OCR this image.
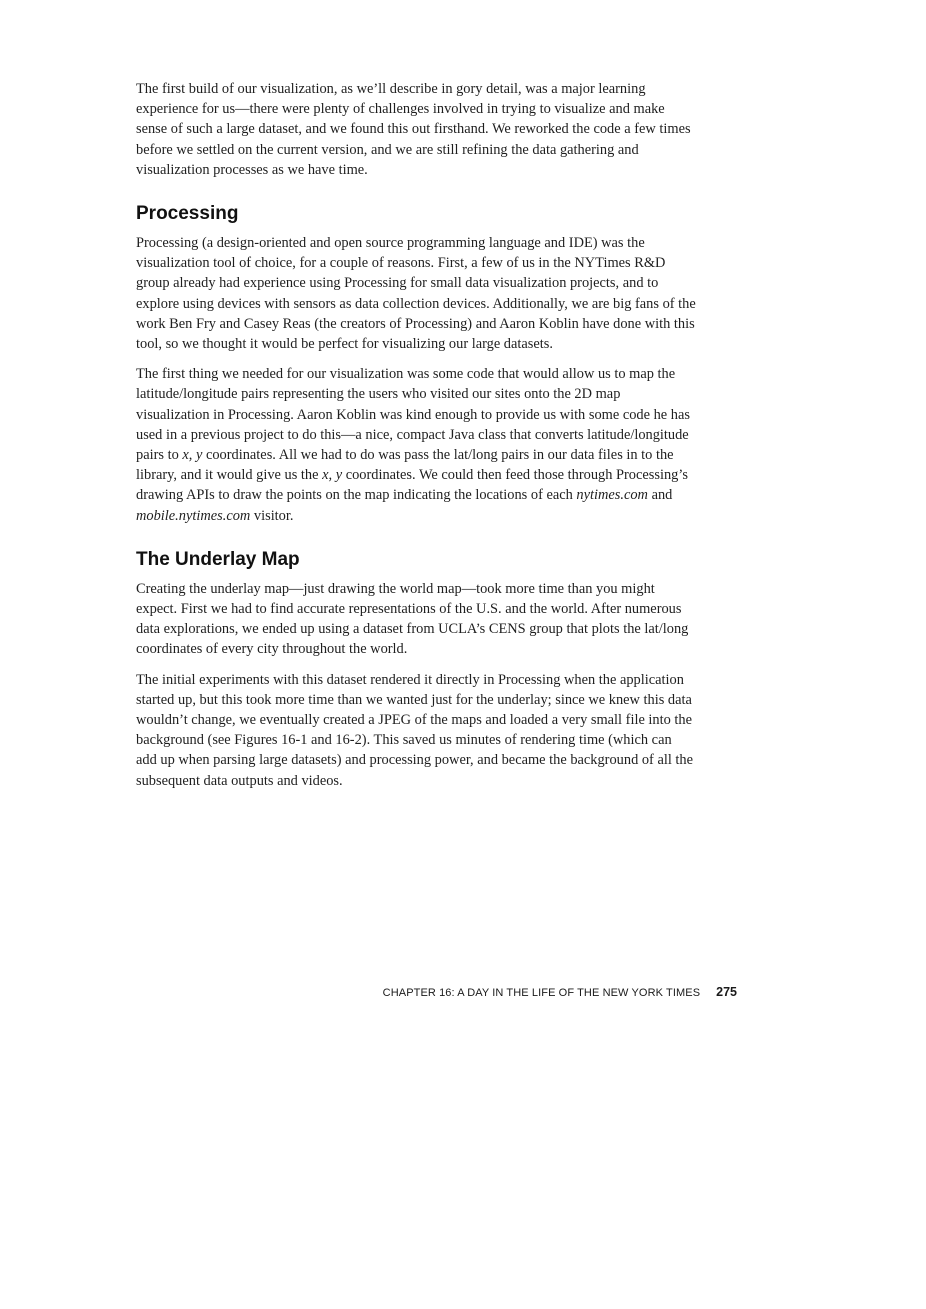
The first build of our visualization, as we’ll describe in gory detail, was a major learning experience for us—there were plenty of challenges involved in trying to visualize and make sense of such a large dataset, and we found this out firsthand. We reworked the code a few times before we settled on the current version, and we are still refining the data gathering and visualization processes as we have time.

Processing

Processing (a design-oriented and open source programming language and IDE) was the visualization tool of choice, for a couple of reasons. First, a few of us in the NYTimes R&D group already had experience using Processing for small data visualization projects, and to explore using devices with sensors as data collection devices. Additionally, we are big fans of the work Ben Fry and Casey Reas (the creators of Processing) and Aaron Koblin have done with this tool, so we thought it would be perfect for visualizing our large datasets.

The first thing we needed for our visualization was some code that would allow us to map the latitude/longitude pairs representing the users who visited our sites onto the 2D map visualization in Processing. Aaron Koblin was kind enough to provide us with some code he has used in a previous project to do this—a nice, compact Java class that converts latitude/longitude pairs to x, y coordinates. All we had to do was pass the lat/long pairs in our data files in to the library, and it would give us the x, y coordinates. We could then feed those through Processing’s drawing APIs to draw the points on the map indicating the locations of each nytimes.com and mobile.nytimes.com visitor.

The Underlay Map

Creating the underlay map—just drawing the world map—took more time than you might expect. First we had to find accurate representations of the U.S. and the world. After numerous data explorations, we ended up using a dataset from UCLA’s CENS group that plots the lat/long coordinates of every city throughout the world.

The initial experiments with this dataset rendered it directly in Processing when the application started up, but this took more time than we wanted just for the underlay; since we knew this data wouldn’t change, we eventually created a JPEG of the maps and loaded a very small file into the background (see Figures 16-1 and 16-2). This saved us minutes of rendering time (which can add up when parsing large datasets) and processing power, and became the background of all the subsequent data outputs and videos.

CHAPTER 16: A DAY IN THE LIFE OF THE NEW YORK TIMES 275
